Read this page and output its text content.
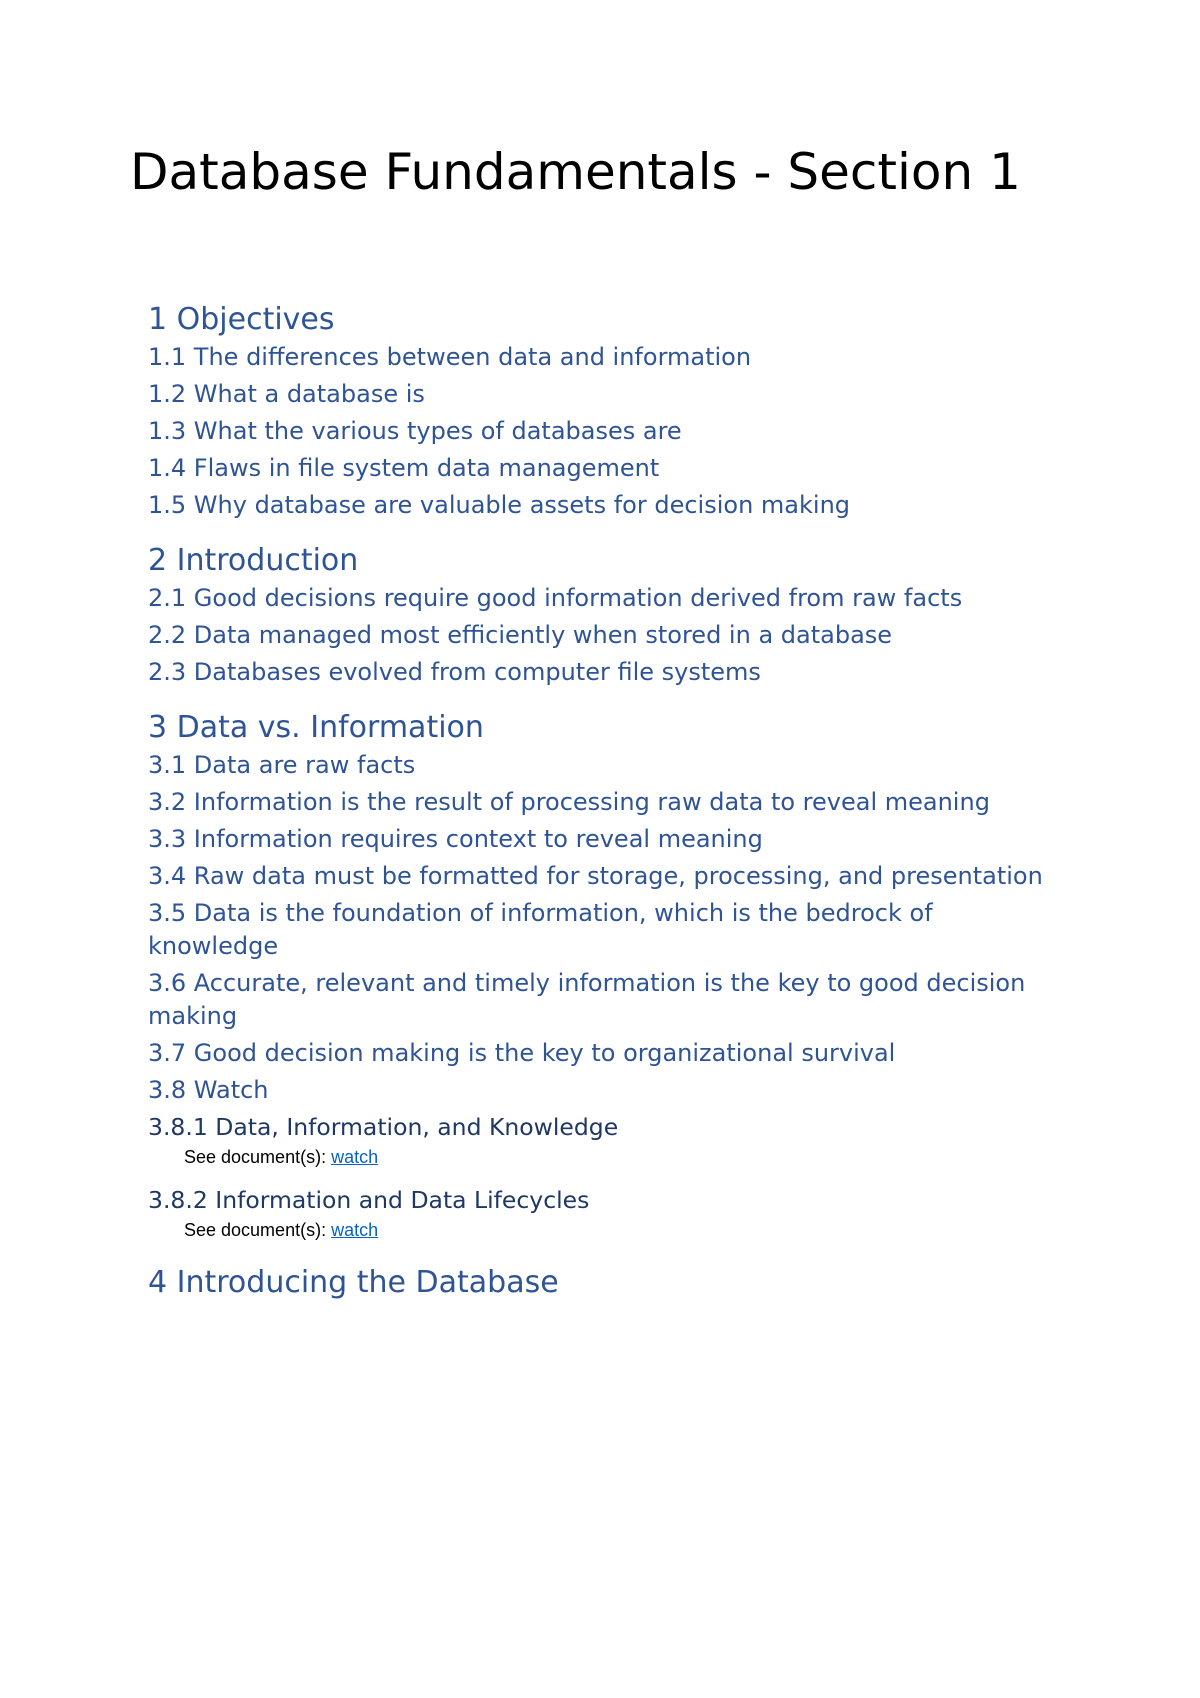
Database Fundamentals - Section 1
1 Objectives
1.1 The differences between data and information
1.2 What a database is
1.3 What the various types of databases are
1.4 Flaws in file system data management
1.5 Why database are valuable assets for decision making
2 Introduction
2.1 Good decisions require good information derived from raw facts
2.2 Data managed most efficiently when stored in a database
2.3 Databases evolved from computer file systems
3 Data vs. Information
3.1 Data are raw facts
3.2 Information is the result of processing raw data to reveal meaning
3.3 Information requires context to reveal meaning
3.4 Raw data must be formatted for storage, processing, and presentation
3.5 Data is the foundation of information, which is the bedrock of knowledge
3.6 Accurate, relevant and timely information is the key to good decision making
3.7 Good decision making is the key to organizational survival
3.8 Watch
3.8.1 Data, Information, and Knowledge
See document(s): watch
3.8.2 Information and Data Lifecycles
See document(s): watch
4 Introducing the Database
